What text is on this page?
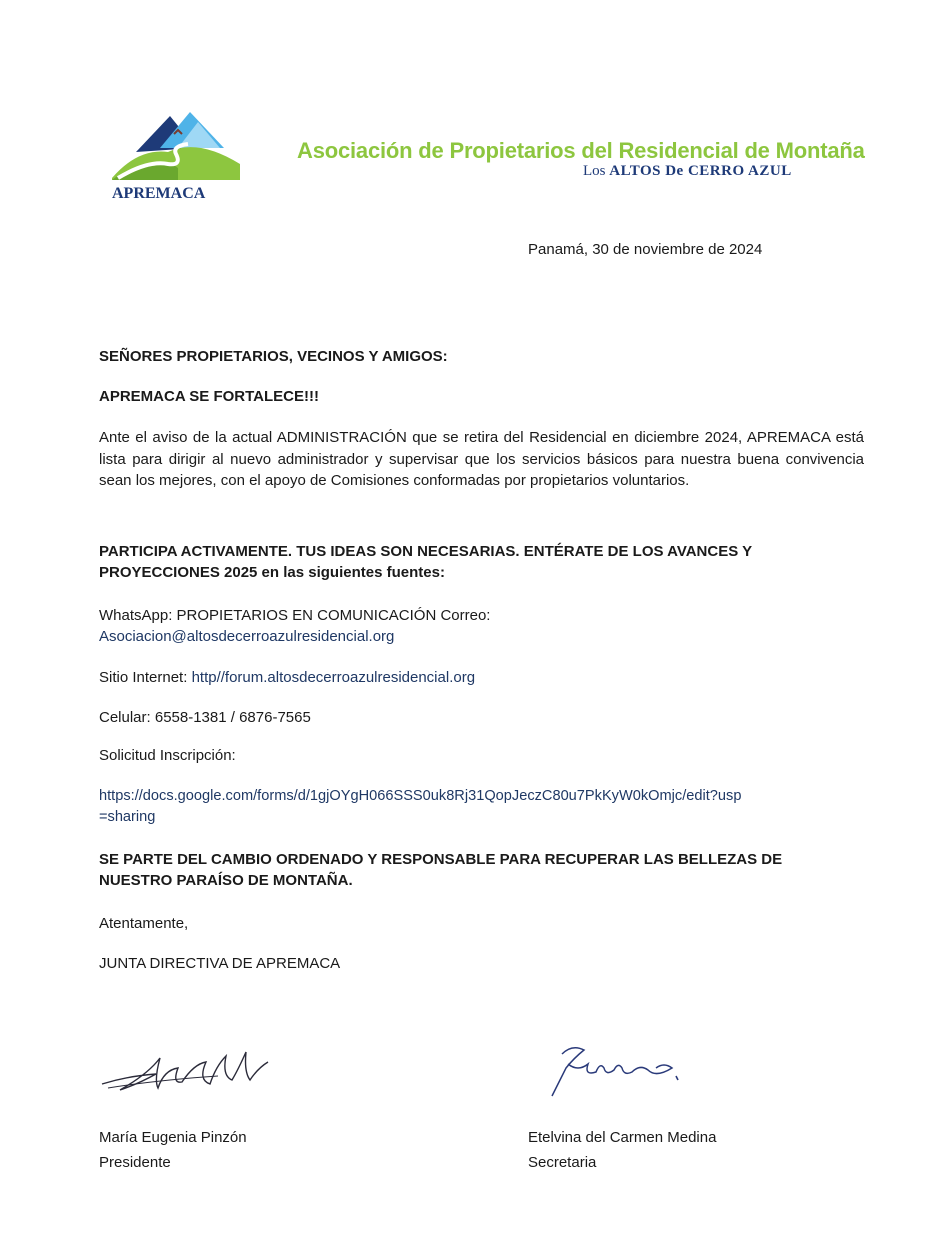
APREMACA
Asociación de Propietarios del Residencial de Montaña
Los ALTOS De CERRO AZUL
Panamá, 30 de noviembre de 2024
SEÑORES PROPIETARIOS, VECINOS Y AMIGOS:
APREMACA SE FORTALECE!!!
Ante el aviso de la actual ADMINISTRACIÓN que se retira del Residencial en diciembre 2024, APREMACA está lista para dirigir al nuevo administrador y supervisar que los servicios básicos para nuestra buena convivencia sean los mejores, con el apoyo de Comisiones conformadas por propietarios voluntarios.
PARTICIPA ACTIVAMENTE. TUS IDEAS SON NECESARIAS. ENTÉRATE DE LOS AVANCES Y
PROYECCIONES 2025 en las siguientes fuentes:
WhatsApp: PROPIETARIOS EN COMUNICACIÓN Correo:
Asociacion@altosdecerroazulresidencial.org
Sitio Internet: http//forum.altosdecerroazulresidencial.org
Celular: 6558-1381 / 6876-7565
Solicitud Inscripción:
https://docs.google.com/forms/d/1gjOYgH066SSS0uk8Rj31QopJeczC80u7PkKyW0kOmjc/edit?usp
=sharing
SE PARTE DEL CAMBIO ORDENADO Y RESPONSABLE PARA RECUPERAR LAS BELLEZAS DE
NUESTRO PARAÍSO DE MONTAÑA.
Atentamente,
JUNTA DIRECTIVA DE APREMACA
María Eugenia Pinzón
Presidente
Etelvina del Carmen Medina
Secretaria
